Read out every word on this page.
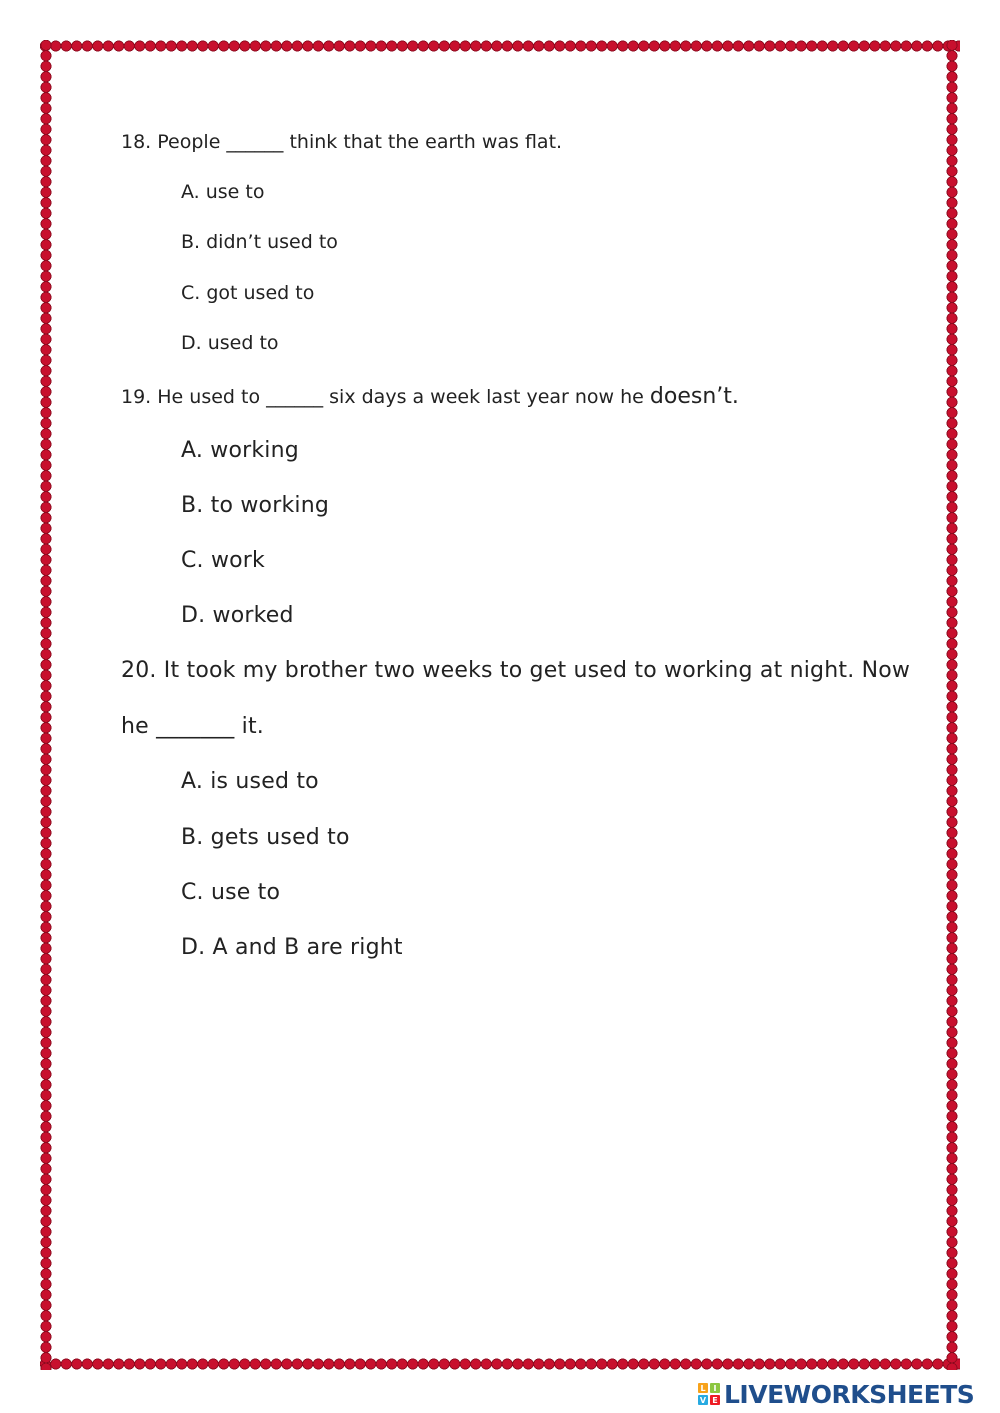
18. People ______ think that the earth was flat.

A. use to

B. didn’t used to

C. got used to

D. used to

19. He used to ______ six days a week last year now he doesn’t.

A. working

B. to working

C. work

D. worked

20. It took my brother two weeks to get used to working at night. Now

he _______ it.

A. is used to

B. gets used to

C. use to

D. A and B are right

L I
V E LIVEWORKSHEETS
